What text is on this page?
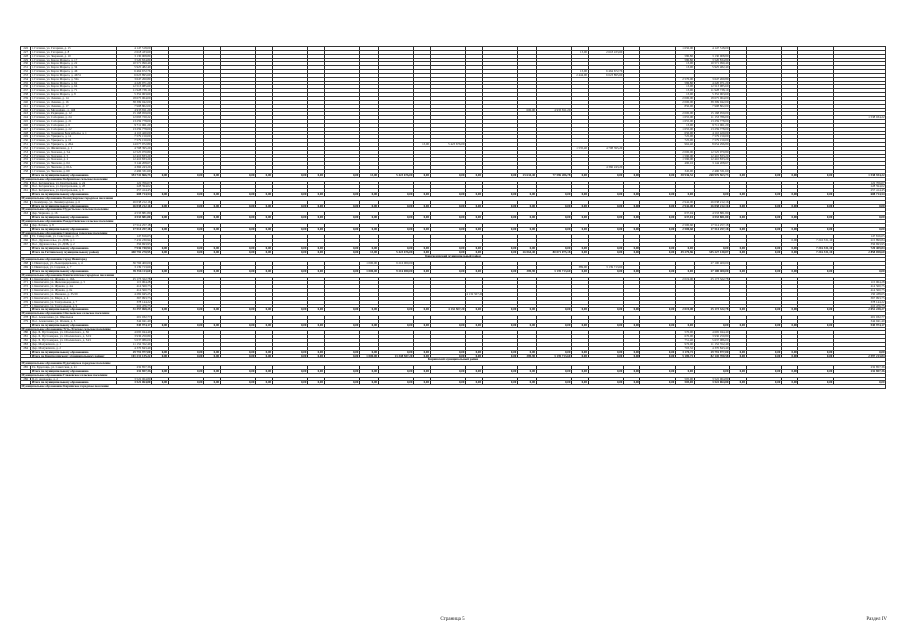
226	г. Гатчина, ул. Гагарина, д. 15	4 147 518,00																					1 650,00	4 147 518,00					
227	г. Гатчина, ул. Гагарина, д. 8	2 618 433,60																	13,00	2 618 433,60									
228	г. Гатчина, ул. Зверевой, д. 10	3 130 908,80																					580,80	3 130 908,80					
229	г. Гатчина, ул. Карла Маркса, д. 17	3 520 834,80																					580,80	3 520 834,80					
230	г. Гатчина, ул. Карла Маркса, д. 22	10 571 090,40																					13,00	10 571 090,40					
231	г. Гатчина, ул. Карла Маркса, д. 34	5 925 482,40																					13,00	5 925 482,40					
232	г. Гатчина, ул. Карла Маркса, д. 46	6 464 672,76																	13,00	6 464 672,76									
233	г. Гатчина, ул. Карла Маркса, д. 46/51	6 623 895,60																	2 444,00	6 623 895,60									
234	г. Гатчина, ул. Карла Маркса, д. 59а	3 647 260,80																					2 570,00	3 647 260,80					
235	г. Гатчина, ул. Карла Маркса, д. 62	4 220 071,20																					586,80	4 220 071,20					
236	г. Гатчина, ул. Карла Маркса, д. 64	12 513 085,60																					13,00	12 513 085,60					
237	г. Гатчина, ул. Карла Маркса, д. 71	11 928 738,19																					13,00	11 928 738,19					
238	г. Гатчина, ул. Карла Маркса, д. 8	5 352 063,60																					13,00	5 352 063,60					
239	г. Гатчина, ул. Ленина, д. 14	18 675 064,00																					2 000,00	18 675 064,00					
240	г. Гатчина, ул. Ленина, д. 16	38 399 042,00																					2 000,00	38 399 042,00					
241	г. Гатчина, ул. Ленина, д. 17	7 908 802,00																					850,00	7 908 802,00					
242	г. Гатчина, ул. Молодёжн., д. 14Б	4 935 811,20															600,00	4 935 811,20											
243	г. Гатчина, ул. Радищева, д. 12	15 168 959,00																					2 000,00	15 168 959,00					
244	г. Гатчина, ул. Соборная, д. 24	12 693 720,22																					1 655,00	11 153 786,00					1 538 934,22
245	г. Гатчина, ул. Соборная, д. 21	13 259 778,00																					1 655,00	13 259 778,00					
246	г. Гатчина, ул. Соборная, д. 6	9 711 061,20																					13,00	9 711 061,20					
247	г. Гатчина, ул. Соборная, д. 22	13 259 778,00																					1 655,00	13 259 778,00					
248	г. Гатчина, ул. Товарища Баргайбоды, д. 1	4 110 420,00																					650,00	4 110 420,00					
249	г. Гатчина, ул. Урицкого, д. 14	7 579 150,00																					725,00	7 579 150,00					
250	г. Гатчина, ул. Урицкого, д. 16	7 579 150,00																					725,00	7 579 150,00					
251	г. Гатчина, ул. Урицкого, д. 20А	14 077 972,80											13,00	5 423 676,00									962,40	8 654 296,80					
252	г. Гатчина, ул. Филиппова, д. 1	4 708 395,20																	1 535,40	4 708 395,20									
253	г. Гатчина, ул. Хохлова, д. 5А	12 525 070,80																					2 000,00	12 525 070,80					
254	г. Гатчина, ул. Хохлова, д. 5	12 410 833,20																					1 590,00	12 410 833,20					
255	г. Гатчина, ул. Хохлова, д. 2	12 410 833,20																					1 590,00	12 410 833,20					
256	г. Гатчина, ул. Чкалова, д. 64	3 144 208,67																					490,16	3 144 208,67					
257	г. Гатчина, ул. Чкалова, д. 61А	4 366 243,20																		4 366 243,20									
258	г. Гатчина, ул. Чкалова, д. 69	2 496 331,60																					345,00	2 496 331,60					
	Итого по муниципальному образованию	353 741 866,73	0,00	0,00	0,00	0,00	0,00	0,00	0,00	0,00	13,00	5 423 676,00	0,00	0,00	0,00	0,00	25 634,40	77 596 286,78	0,00	0,00	0,00	0,00	38 936,52	268 976 563,73	0,00	0,00	0,00	0,00	1 538 934,22
Муниципальное образование Кобринское сельское поселение																													
259	Пос. Кобринское, ул. Центральная, д. 24	122 706,07																											122 706,07
260	Пос. Кобринское, ул. Центральная, д. 28	228 594,02																											228 594,02
261	Пос. Кобринское, ул. Центральная, д. 9	257 414,45																											257 414,45
	Итого по муниципальному образованию	608 714,54	0,00	0,00	0,00	0,00	0,00	0,00	0,00	0,00	0,00	0,00	0,00	0,00	0,00	0,00	0,00	0,00	0,00	0,00	0,00	0,00	0,00	0,00	0,00	0,00	0,00	0,00	608 714,54
Муниципальное образование Коммунарское городское поселение																													
262	г. Коммунар, ул. Ленинградская, д. 6	26 038 212,16																					2 942,00	26 038 212,16					
	Итого по муниципальному образованию	26 038 212,16	0,00	0,00	0,00	0,00	0,00	0,00	0,00	0,00	0,00	0,00	0,00	0,00	0,00	0,00	0,00	0,00	0,00	0,00	0,00	0,00	2 942,00	26 038 212,16	0,00	0,00	0,00	0,00	0,00
Муниципальное образование Пудостьское сельское поселение																													
263	Дер. Черново, д. 16	4 533 881,80																					637,04	4 533 881,80					
	Итого по муниципальному образованию	4 533 881,80	0,00	0,00	0,00	0,00	0,00	0,00	0,00	0,00	0,00	0,00	0,00	0,00	0,00	0,00	0,00	0,00	0,00	0,00	0,00	0,00	637,04	4 533 881,80	0,00	0,00	0,00	0,00	0,00
Муниципальное образование Рождественское сельское поселение																													
264	Дер. Батово, д. 8	17 514 257,18																					2 500,60	17 514 257,18					
	Итого по муниципальному образованию	17 514 257,18	0,00	0,00	0,00	0,00	0,00	0,00	0,00	0,00	0,00	0,00	0,00	0,00	0,00	0,00	0,00	0,00	0,00	0,00	0,00	0,00	2 500,60	17 514 257,18	0,00	0,00	0,00	0,00	0,00
Муниципальное образование Сиверское городское поселение																													
265	Гп. Сиверский, ул. Советская, д. 15	147 816,05																											147 816,05
266	Пос. Дружноселье, ул. ДПБ, д. 1	7 432 230,94																									0,00	7 216 331,10	215 899,84
267	Пос. Дружноселье, ул. ДПБ, д. 2	356 693,95																											356 693,95
	Итого по муниципальному образованию	7 936 740,94	0,00	0,00	0,00	0,00	0,00	0,00	0,00	0,00	0,00	0,00	0,00	0,00	0,00	0,00	0,00	0,00	0,00	0,00	0,00	0,00	0,00	0,00	0,00	0,00	0,00	7 216 331,10	720 409,84
	Итого по Гатчинскому муниципальному району	440 792 270,95	0,00	0,00	0,00	0,00	0,00	0,00	0,00	0,00	13,00	5 423 676,00	0,00	0,00	0,00	0,00	26 064,40	80 071 075,18	0,00	0,00	0,00	0,00	49 279,86	345 227 130,07	0,00	0,00	0,00	7 216 331,10	2 858 058,60
Кингисеппский муниципальный район																													
Муниципальное образование город Ивангород																													
268	г. Ивангород, ул. Льнопрядильная, д. 4	36 766 400,00									1 000,00	9 216 000,00												27 100 400,00					
269	г. Ивангород, ул. Садовая, д. 7	3 139 713,60																	389,90	3 139 713,60									
	Итого по муниципальному образованию	39 356 113,60	0,00	0,00	0,00	0,00	0,00	0,00	0,00	0,00	1 000,00	9 216 000,00	0,00	0,00	0,00	0,00	389,90	3 139 713,60	0,00	0,00	0,00	0,00	0,00	27 100 400,00	0,00	0,00	0,00	0,00	0,00
Муниципальное образование Кингисеппское городское поселение																													
270	г. Кингисепп, ул. Жукова, д. 10А	25 173 322,78																					2 019,00	25 173 322,78					
271	г. Кингисепп, ул. Железнодорожная, д. 5	115 064,28																											115 064,28
272	г. Кингисепп, ул. Жукова, д. 4А	414 560,75																											414 560,75
273	г. Кингисепп, ул. Жукова, д. 6а	414 560,75																											414 560,75
274	г. Кингисепп, ул. Иванова, д. 35/29	4 282 945,25													4 132 507,20														150 438,05
275	г. Кингисепп, ул. Мира, д. 4	367 993,75																											367 993,75
276	г. Кингисепп, ул. Театральная, д. 7	378 144,22																											378 144,22
277	г. Кингисепп, ул. Театральная, д. 9	210 476,75																											210 476,75
	Итого по муниципальному образованию	31 357 068,25	0,00	0,00	0,00	0,00	0,00	0,00	0,00	0,00	0,00	0,00	0,00	4 132 507,20	0,00	0,00	0,00	0,00	0,00	0,00	0,00	0,00	2 019,00	25 173 322,78	0,00	0,00	0,00	0,00	2 051 238,27
Муниципальное образование Опольевское сельское поселение																													
278	Пос. Алексеевка, ул. Школьная	201 032,77																											201 032,77
279	Пос. Алексеевка, ул. Ясенев, д. 5	344 941,40																											344 941,40
	Итого по муниципальному образованию	545 974,17	0,00	0,00	0,00	0,00	0,00	0,00	0,00	0,00	0,00	0,00	0,00	0,00	0,00	0,00	0,00	0,00	0,00	0,00	0,00	0,00	0,00	0,00	0,00	0,00	0,00	0,00	545 974,17
Муниципальное образование Усть-Лужское сельское поселение																													
280	Дер. Б. Пустомержа, ул. Оболенского, д. 56	4 695 044,40																					570,00	4 695 044,40					
281	Дер. Б. Пустомержа, ул. Оболенского, д. 52/2	3 936 250,80																					670,00	3 936 250,80					
282	Дер. Б. Пустомержа, ул. Оболенского, д. 54/1	5 637 086,00																					751,40	5 637 086,00					
283	Дер. Малуксинск, д. 1	11 152 352,40																					976,00	11 152 352,40					
284	Дер. Малуксинск, д. 2	4 370 843,40																					703,32	4 370 843,40					
	Итого по муниципальному образованию	29 791 977,00	0,00	0,00	0,00	0,00	0,00	0,00	0,00	0,00	0,00	0,00	0,00	0,00	0,00	0,00	0,00	0,00	0,00	0,00	0,00	0,00	3 170,72	29 791 977,00	0,00	0,00	0,00	0,00	0,00
	Итого по Кингисеппскому муниципальному району	101 231 135,22	0,00	0,00	0,00	0,00	0,00	0,00	0,00	0,00	1 000,00	13 348 507,20	0,00	0,00	0,00	0,00	389,90	3 139 713,60	0,00	0,00	0,00	0,00	5 189,72	82 145 700,58	0,00	0,00	0,00	0,00	2 597 213,84
Киришский муниципальный район																													
Муниципальное образование Будогощское городское поселение																													
285	Гп. Будогощь, ул. Советская, д. 21	232 857,36																											232 857,36
	Итого по муниципальному образованию	232 857,36	0,00	0,00	0,00	0,00	0,00	0,00	0,00	0,00	0,00	0,00	0,00	0,00	0,00	0,00	0,00	0,00	0,00	0,00	0,00	0,00	0,00	0,00	0,00	0,00	0,00	0,00	232 857,36
Муниципальное образование Глажевское сельское поселение																													
286	П.ст. Андреево, д. 2	3 522 064,80																					505,00	3 522 064,80					
	Итого по муниципальному образованию	3 522 064,80	0,00	0,00	0,00	0,00	0,00	0,00	0,00	0,00	0,00	0,00	0,00	0,00	0,00	0,00	0,00	0,00	0,00	0,00	0,00	0,00	505,00	3 522 064,80	0,00	0,00	0,00	0,00	0,00
Муниципальное образование Киришское городское поселение																													
Страница 5	Раздел IV
